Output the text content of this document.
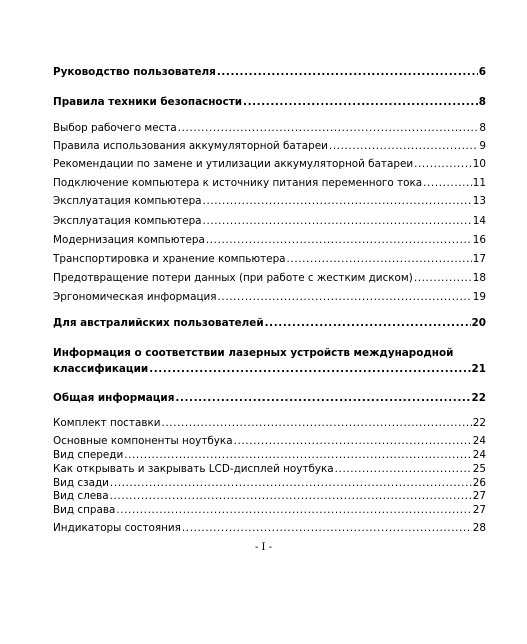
Руководство пользователя .....	6
Правила техники безопасности .....	8
Выбор рабочего места .....	8
Правила использования аккумуляторной батареи .....	9
Рекомендации по замене и утилизации аккумуляторной батареи .....	10
Подключение компьютера к источнику питания переменного тока .....	11
Эксплуатация компьютера .....	13
Эксплуатация компьютера .....	14
Модернизация компьютера .....	16
Транспортировка и хранение компьютера .....	17
Предотвращение потери данных (при работе с жестким диском) .....	18
Эргономическая информация .....	19
Для австралийских пользователей .....	20
Информация о соответствии лазерных устройств международной
классификации .....	21
Общая информация .....	22
Комплект поставки .....	22
Основные компоненты ноутбука .....	24
Вид спереди .....	24
Как открывать и закрывать LCD-дисплей ноутбука .....	25
Вид сзади .....	26
Вид слева .....	27
Вид справа .....	27
Индикаторы состояния .....	28
- I -
